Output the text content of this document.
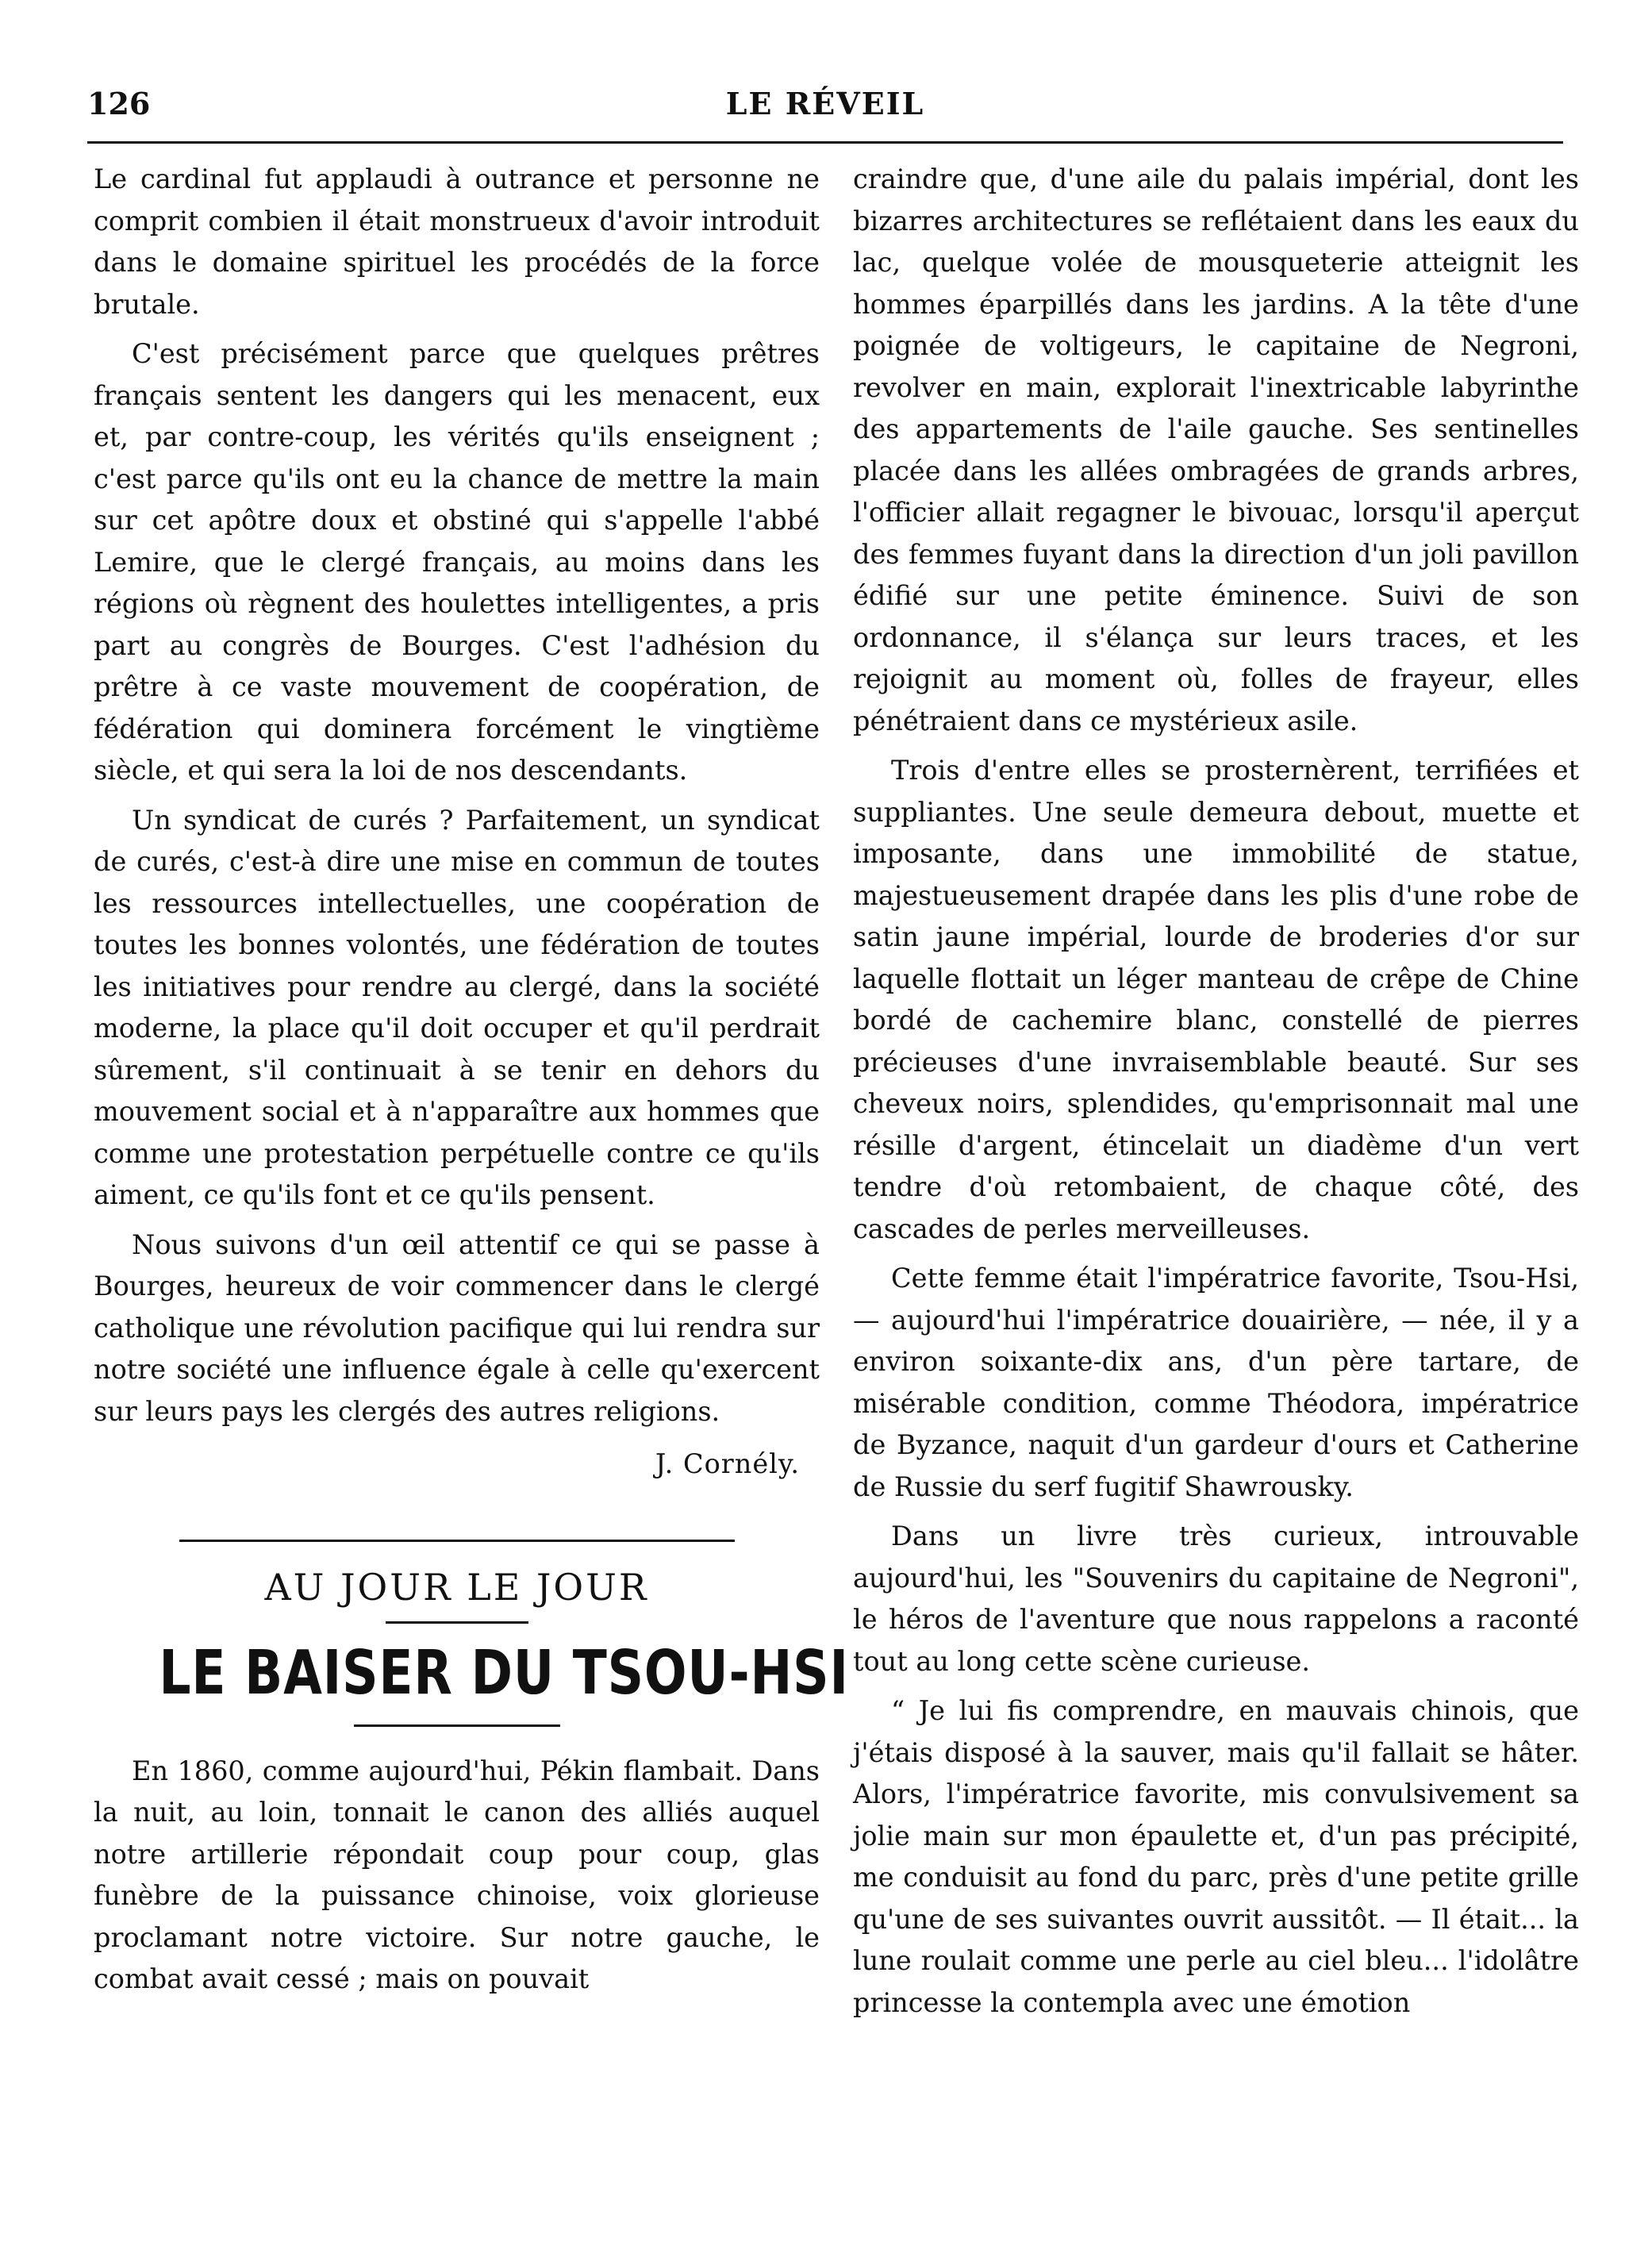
126	LE RÉVEIL

Le cardinal fut applaudi à outrance et personne ne comprit combien il était monstrueux d'avoir introduit dans le domaine spirituel les procédés de la force brutale.

C'est précisément parce que quelques prêtres français sentent les dangers qui les menacent, eux et, par contre-coup, les vérités qu'ils enseignent ; c'est parce qu'ils ont eu la chance de mettre la main sur cet apôtre doux et obstiné qui s'appelle l'abbé Lemire, que le clergé français, au moins dans les régions où règnent des houlettes intelligentes, a pris part au congrès de Bourges. C'est l'adhésion du prêtre à ce vaste mouvement de coopération, de fédération qui dominera forcément le vingtième siècle, et qui sera la loi de nos descendants.

Un syndicat de curés ? Parfaitement, un syndicat de curés, c'est-à dire une mise en commun de toutes les ressources intellectuelles, une coopération de toutes les bonnes volontés, une fédération de toutes les initiatives pour rendre au clergé, dans la société moderne, la place qu'il doit occuper et qu'il perdrait sûrement, s'il continuait à se tenir en dehors du mouvement social et à n'apparaître aux hommes que comme une protestation perpétuelle contre ce qu'ils aiment, ce qu'ils font et ce qu'ils pensent.

Nous suivons d'un œil attentif ce qui se passe à Bourges, heureux de voir commencer dans le clergé catholique une révolution pacifique qui lui rendra sur notre société une influence égale à celle qu'exercent sur leurs pays les clergés des autres religions.

J. Cornély.
AU JOUR LE JOUR
LE BAISER DU TSOU-HSI

En 1860, comme aujourd'hui, Pékin flambait. Dans la nuit, au loin, tonnait le canon des alliés auquel notre artillerie répondait coup pour coup, glas funèbre de la puissance chinoise, voix glorieuse proclamant notre victoire. Sur notre gauche, le combat avait cessé ; mais on pouvait

craindre que, d'une aile du palais impérial, dont les bizarres architectures se reflétaient dans les eaux du lac, quelque volée de mousqueterie atteignit les hommes éparpillés dans les jardins. A la tête d'une poignée de voltigeurs, le capitaine de Negroni, revolver en main, explorait l'inextricable labyrinthe des appartements de l'aile gauche. Ses sentinelles placée dans les allées ombragées de grands arbres, l'officier allait regagner le bivouac, lorsqu'il aperçut des femmes fuyant dans la direction d'un joli pavillon édifié sur une petite éminence. Suivi de son ordonnance, il s'élança sur leurs traces, et les rejoignit au moment où, folles de frayeur, elles pénétraient dans ce mystérieux asile.

Trois d'entre elles se prosternèrent, terrifiées et suppliantes. Une seule demeura debout, muette et imposante, dans une immobilité de statue, majestueusement drapée dans les plis d'une robe de satin jaune impérial, lourde de broderies d'or sur laquelle flottait un léger manteau de crêpe de Chine bordé de cachemire blanc, constellé de pierres précieuses d'une invraisemblable beauté. Sur ses cheveux noirs, splendides, qu'emprisonnait mal une résille d'argent, étincelait un diadème d'un vert tendre d'où retombaient, de chaque côté, des cascades de perles merveilleuses.

Cette femme était l'impératrice favorite, Tsou-Hsi, — aujourd'hui l'impératrice douairière, — née, il y a environ soixante-dix ans, d'un père tartare, de misérable condition, comme Théodora, impératrice de Byzance, naquit d'un gardeur d'ours et Catherine de Russie du serf fugitif Shawrousky.

Dans un livre très curieux, introuvable aujourd'hui, les "Souvenirs du capitaine de Negroni", le héros de l'aventure que nous rappelons a raconté tout au long cette scène curieuse.

“ Je lui fis comprendre, en mauvais chinois, que j'étais disposé à la sauver, mais qu'il fallait se hâter. Alors, l'impératrice favorite, mis convulsivement sa jolie main sur mon épaulette et, d'un pas précipité, me conduisit au fond du parc, près d'une petite grille qu'une de ses suivantes ouvrit aussitôt. — Il était... la lune roulait comme une perle au ciel bleu... l'idolâtre princesse la contempla avec une émotion
